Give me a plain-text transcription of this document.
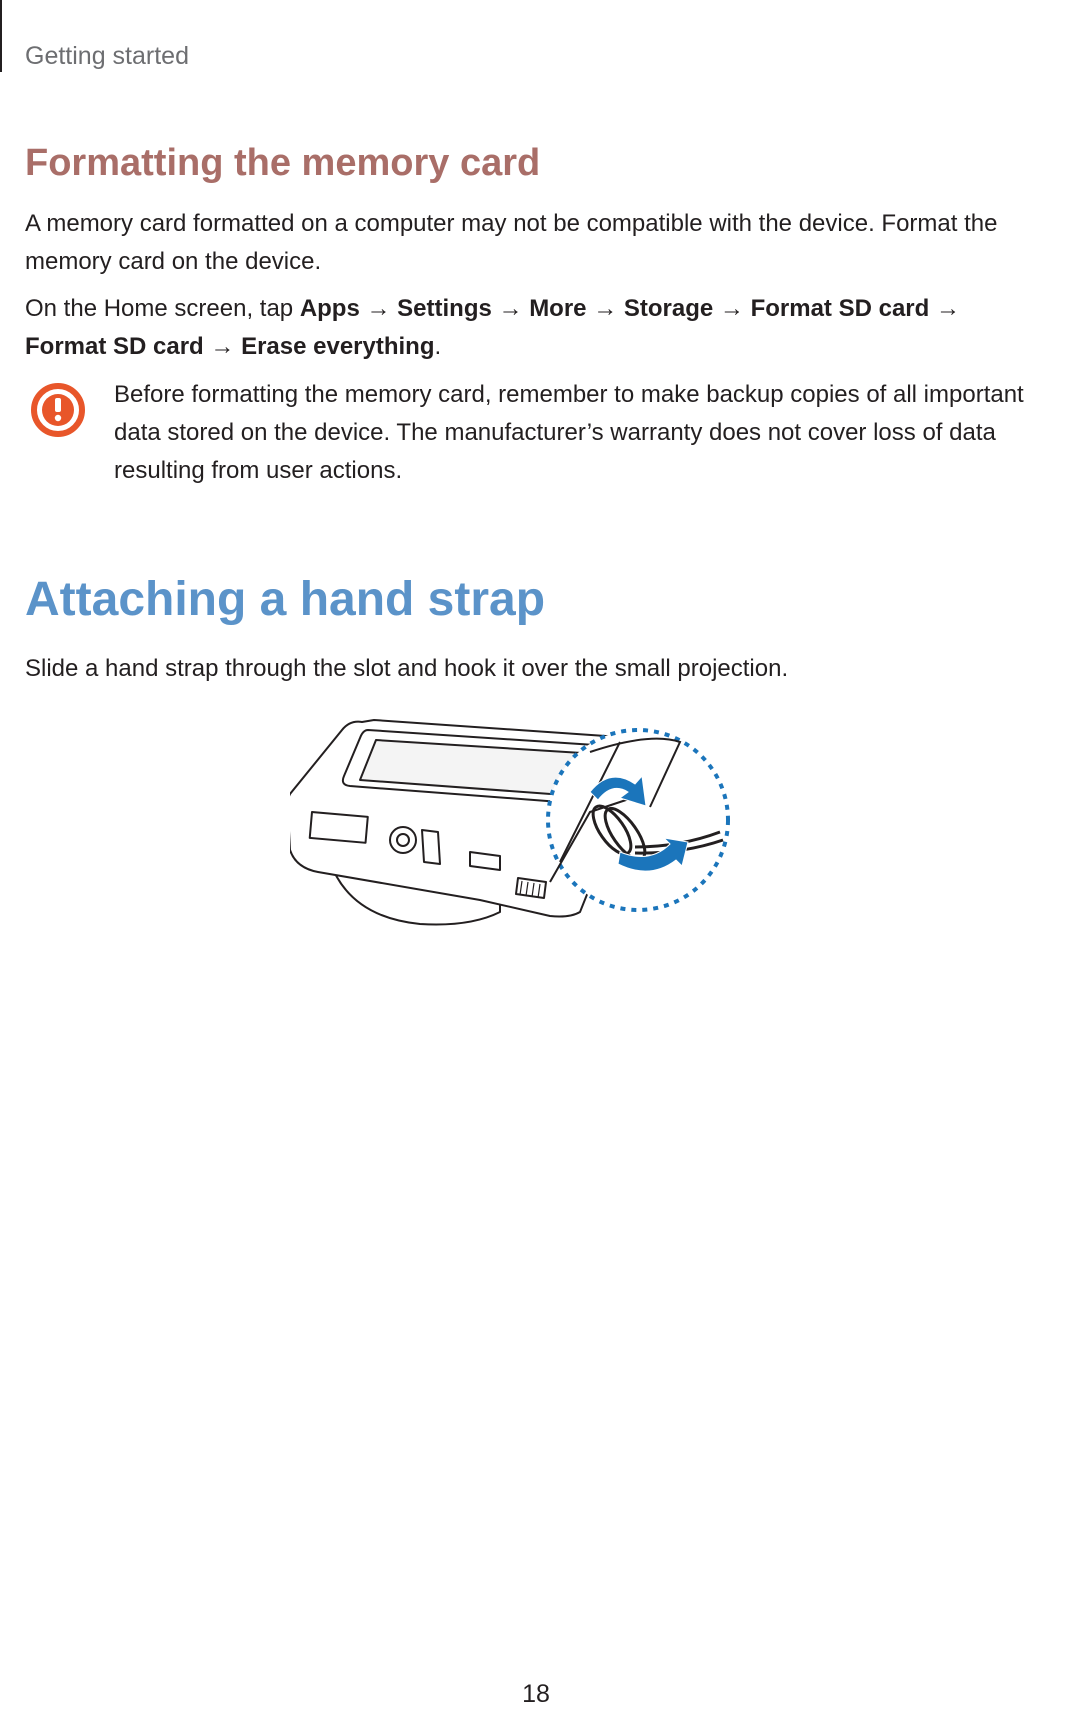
Getting started
Formatting the memory card
A memory card formatted on a computer may not be compatible with the device. Format the memory card on the device.
On the Home screen, tap Apps → Settings → More → Storage → Format SD card →
Format SD card → Erase everything.
Before formatting the memory card, remember to make backup copies of all important data stored on the device. The manufacturer’s warranty does not cover loss of data resulting from user actions.
Attaching a hand strap
Slide a hand strap through the slot and hook it over the small projection.
18
